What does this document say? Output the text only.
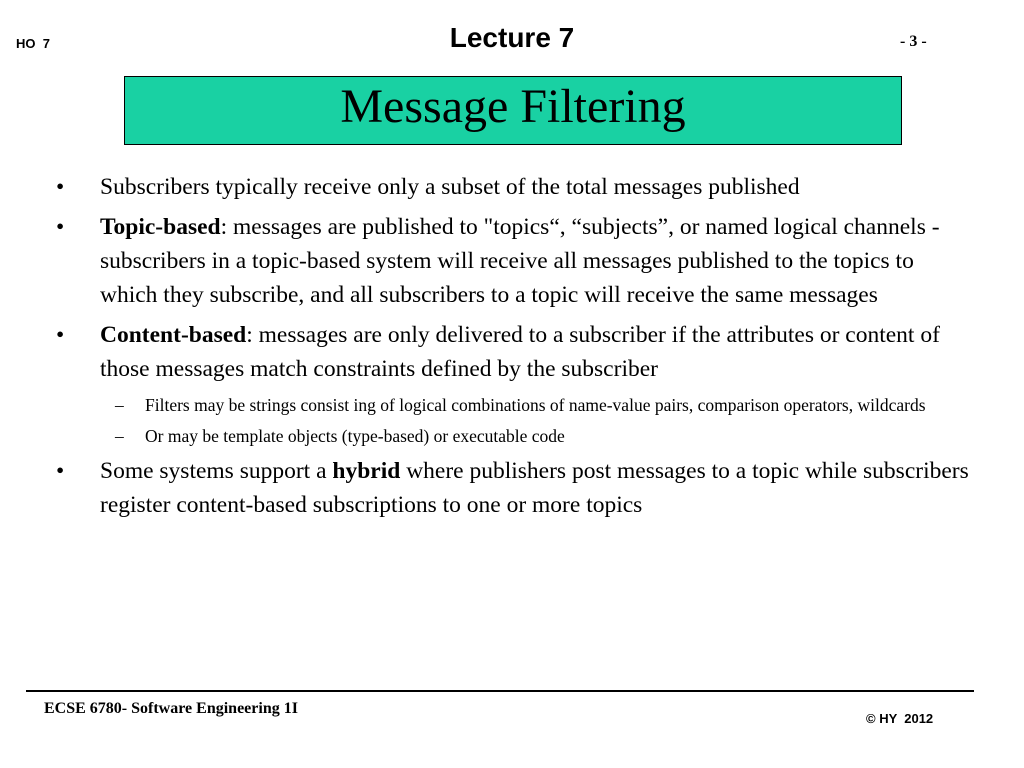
HO  7	Lecture 7	- 3 -
Message Filtering
• Subscribers typically receive only a subset of the total messages published
• Topic-based: messages are published to "topics“, “subjects”, or named logical channels - subscribers in a topic-based system will receive all messages published to the topics to which they subscribe, and all subscribers to a topic will receive the same messages
• Content-based: messages are only delivered to a subscriber if the attributes or content of those messages match constraints defined by the subscriber
– Filters may be strings consist ing of logical combinations of name-value pairs, comparison operators, wildcards
– Or may be template objects (type-based) or executable code
• Some systems support a hybrid where publishers post messages to a topic while subscribers register content-based subscriptions to one or more topics
ECSE 6780- Software Engineering 1I
© HY  2012
